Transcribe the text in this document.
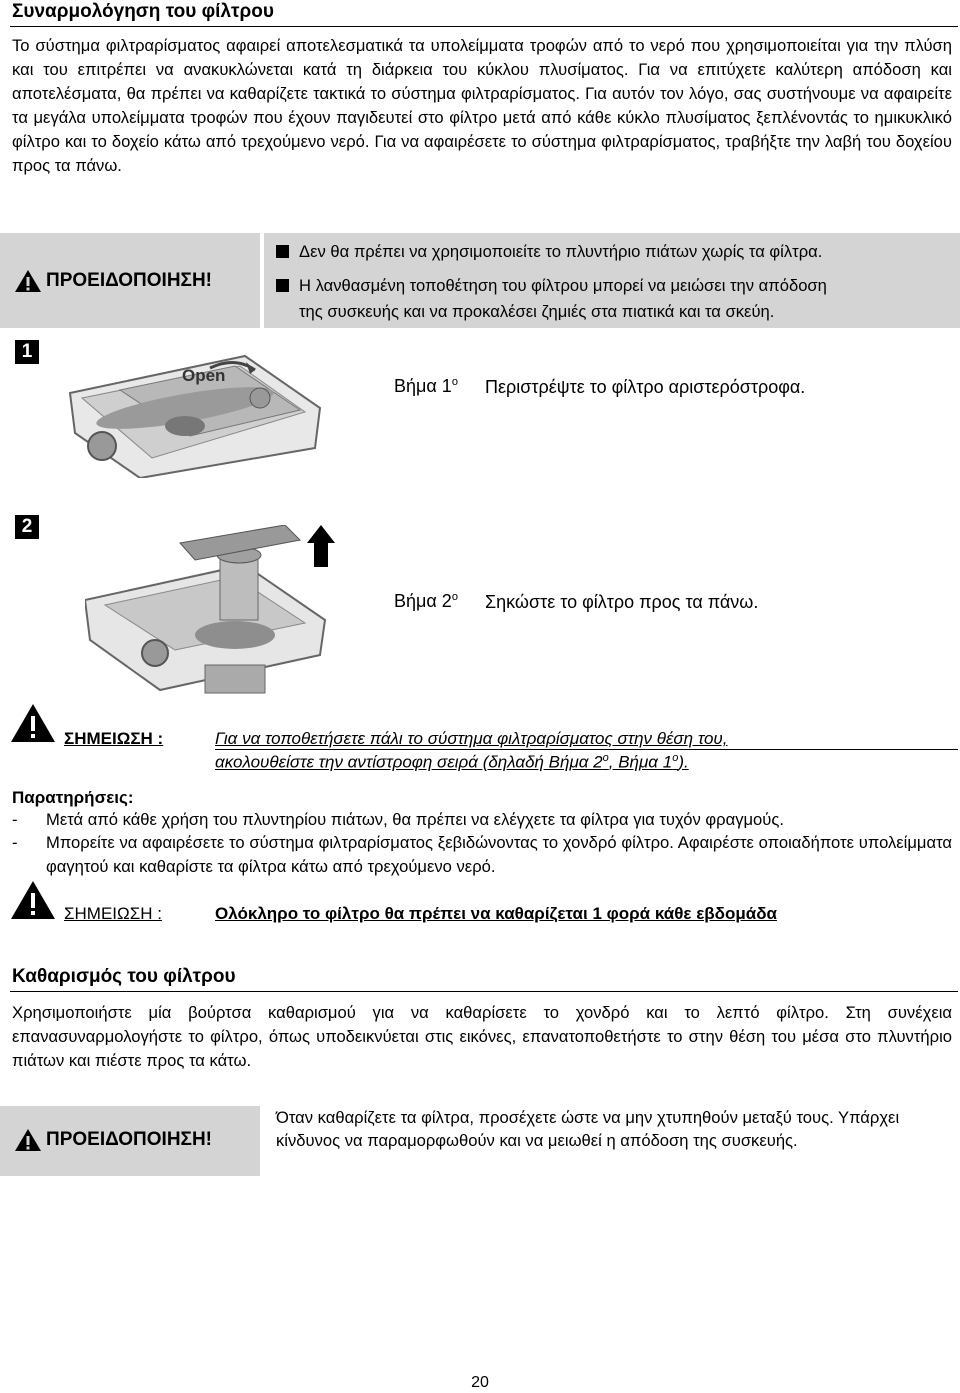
Συναρμολόγηση του φίλτρου

Το σύστημα φιλτραρίσματος αφαιρεί αποτελεσματικά τα υπολείμματα τροφών από το νερό που χρησιμοποιείται για την πλύση και του επιτρέπει να ανακυκλώνεται κατά τη διάρκεια του κύκλου πλυσίματος. Για να επιτύχετε καλύτερη απόδοση και αποτελέσματα, θα πρέπει να καθαρίζετε τακτικά το σύστημα φιλτραρίσματος. Για αυτόν τον λόγο, σας συστήνουμε να αφαιρείτε τα μεγάλα υπολείμματα τροφών που έχουν παγιδευτεί στο φίλτρο μετά από κάθε κύκλο πλυσίματος ξεπλένοντάς το ημικυκλικό φίλτρο και το δοχείο κάτω από τρεχούμενο νερό. Για να αφαιρέσετε το σύστημα φιλτραρίσματος, τραβήξτε την λαβή του δοχείου προς τα πάνω.

ΠΡΟΕΙΔΟΠΟΙΗΣΗ!
Δεν θα πρέπει να χρησιμοποιείτε το πλυντήριο πιάτων χωρίς τα φίλτρα.
Η λανθασμένη τοποθέτηση του φίλτρου μπορεί να μειώσει την απόδοση
της συσκευής και να προκαλέσει ζημιές στα πιατικά και τα σκεύη.
1
Open
Βήμα $1^o$ Περιστρέψτε το φίλτρο αριστερόστροφα.
2
Βήμα $2^o$ Σηκώστε το φίλτρο προς τα πάνω.
ΣΗΜΕΙΩΣΗ :	Για να τοποθετήσετε πάλι το σύστημα φιλτραρίσματος στην θέση του,
ακολουθείστε την αντίστροφη σειρά (δηλαδή Βήμα $2^o$, Βήμα $1^o$).
Παρατηρήσεις:
- Μετά από κάθε χρήση του πλυντηρίου πιάτων, θα πρέπει να ελέγχετε τα φίλτρα για τυχόν φραγμούς.
- Μπορείτε να αφαιρέσετε το σύστημα φιλτραρίσματος ξεβιδώνοντας το χονδρό φίλτρο. Αφαιρέστε οποιαδήποτε υπολείμματα φαγητού και καθαρίστε τα φίλτρα κάτω από τρεχούμενο νερό.
ΣΗΜΕΙΩΣΗ :	Ολόκληρο το φίλτρο θα πρέπει να καθαρίζεται 1 φορά κάθε εβδομάδα
Καθαρισμός του φίλτρου

Χρησιμοποιήστε μία βούρτσα καθαρισμού για να καθαρίσετε το χονδρό και το λεπτό φίλτρο. Στη συνέχεια επανασυναρμολογήστε το φίλτρο, όπως υποδεικνύεται στις εικόνες, επανατοποθετήστε το στην θέση του μέσα στο πλυντήριο πιάτων και πιέστε προς τα κάτω.

ΠΡΟΕΙΔΟΠΟΙΗΣΗ!
Όταν καθαρίζετε τα φίλτρα, προσέχετε ώστε να μην χτυπηθούν μεταξύ τους. Υπάρχει κίνδυνος να παραμορφωθούν και να μειωθεί η απόδοση της συσκευής.
20
